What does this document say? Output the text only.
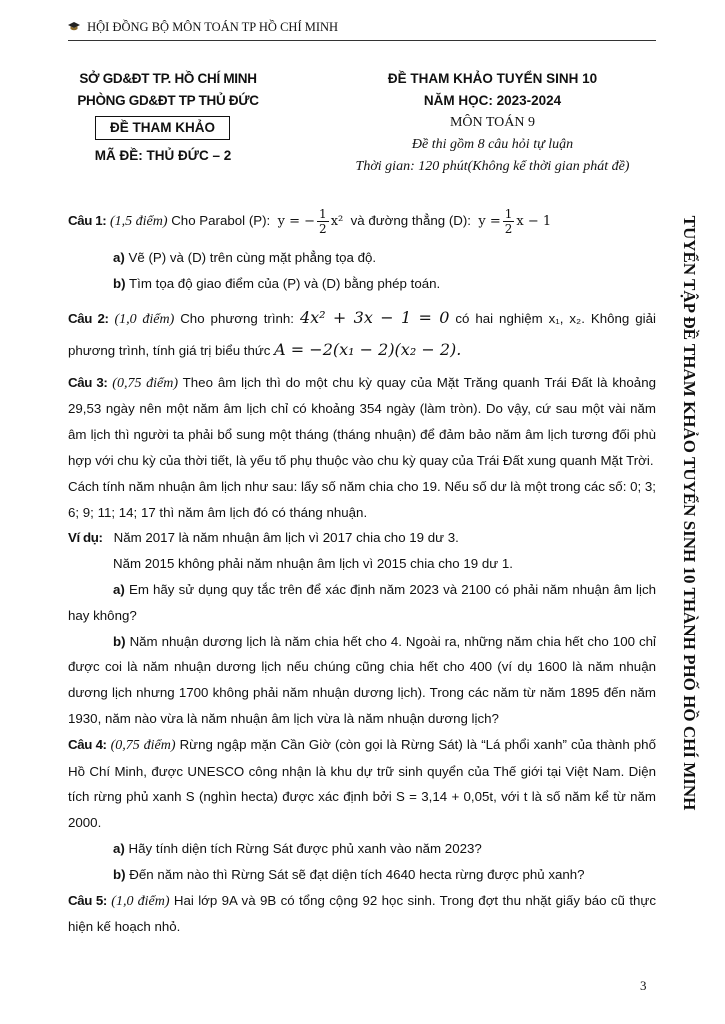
HỘI ĐỒNG BỘ MÔN TOÁN TP HỒ CHÍ MINH
SỞ GD&ĐT TP. HỒ CHÍ MINH
PHÒNG GD&ĐT TP THỦ ĐỨC
ĐỀ THAM KHẢO
MÃ ĐỀ: THỦ ĐỨC – 2
ĐỀ THAM KHẢO TUYỂN SINH 10
NĂM HỌC: 2023-2024
MÔN TOÁN 9
Đề thi gồm 8 câu hỏi tự luận
Thời gian: 120 phút(Không kể thời gian phát đề)
TUYỂN TẬP ĐỀ THAM KHẢO TUYỂN SINH 10 THÀNH PHỐ HỒ CHÍ MINH

Câu 1: (1,5 điểm) Cho Parabol (P): y = − $\frac{1}{2} x^2$ và đường thẳng (D): $y = \frac{1}{2}$ x − 1

a) Vẽ (P) và (D) trên cùng mặt phẳng tọa độ.

b) Tìm tọa độ giao điểm của (P) và (D) bằng phép toán.

Câu 2: (1,0 điểm) Cho phương trình: 4x² + 3x − 1 = 0 có hai nghiệm x₁, x₂. Không giải phương trình, tính giá trị biểu thức A = −2(x₁ − 2)(x₂ − 2).

Câu 3: (0,75 điểm) Theo âm lịch thì do một chu kỳ quay của Mặt Trăng quanh Trái Đất là khoảng 29,53 ngày nên một năm âm lịch chỉ có khoảng 354 ngày (làm tròn). Do vậy, cứ sau một vài năm âm lịch thì người ta phải bổ sung một tháng (tháng nhuận) để đảm bảo năm âm lịch tương đối phù hợp với chu kỳ của thời tiết, là yếu tố phụ thuộc vào chu kỳ quay của Trái Đất xung quanh Mặt Trời.

Cách tính năm nhuận âm lịch như sau: lấy số năm chia cho 19. Nếu số dư là một trong các số: 0; 3; 6; 9; 11; 14; 17 thì năm âm lịch đó có tháng nhuận.

Ví dụ: Năm 2017 là năm nhuận âm lịch vì 2017 chia cho 19 dư 3.

Năm 2015 không phải năm nhuận âm lịch vì 2015 chia cho 19 dư 1.

a) Em hãy sử dụng quy tắc trên để xác định năm 2023 và 2100 có phải năm nhuận âm lịch hay không?

b) Năm nhuận dương lịch là năm chia hết cho 4. Ngoài ra, những năm chia hết cho 100 chỉ được coi là năm nhuận dương lịch nếu chúng cũng chia hết cho 400 (ví dụ 1600 là năm nhuận dương lịch nhưng 1700 không phải năm nhuận dương lịch). Trong các năm từ năm 1895 đến năm 1930, năm nào vừa là năm nhuận âm lịch vừa là năm nhuận dương lịch?

Câu 4: (0,75 điểm) Rừng ngập mặn Cần Giờ (còn gọi là Rừng Sát) là “Lá phổi xanh” của thành phố Hồ Chí Minh, được UNESCO công nhận là khu dự trữ sinh quyển của Thế giới tại Việt Nam. Diện tích rừng phủ xanh S (nghìn hecta) được xác định bởi S = 3,14 + 0,05t, với t là số năm kể từ năm 2000.

a) Hãy tính diện tích Rừng Sát được phủ xanh vào năm 2023?

b) Đến năm nào thì Rừng Sát sẽ đạt diện tích 4640 hecta rừng được phủ xanh?

Câu 5: (1,0 điểm) Hai lớp 9A và 9B có tổng cộng 92 học sinh. Trong đợt thu nhặt giấy báo cũ thực hiện kế hoạch nhỏ.

3
